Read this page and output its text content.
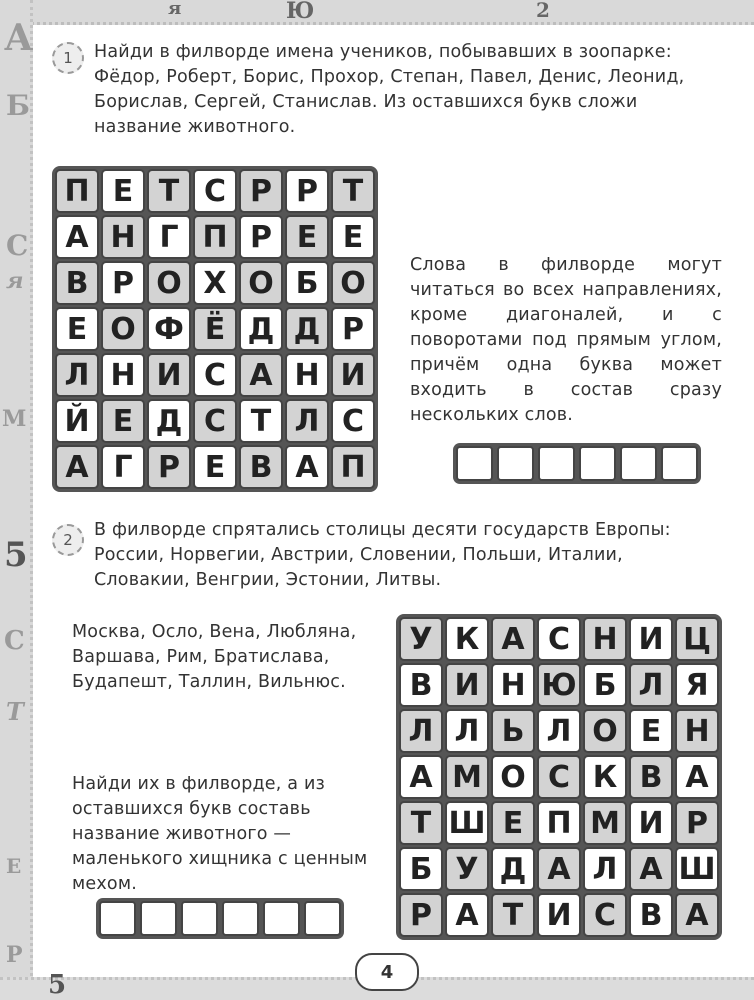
А
Б
С
я
М
5
С
Т
Е
Р
5
Ю	2
я
1	Найди в филворде имена учеников, побывавших в зоопарке: Фёдор, Роберт, Борис, Прохор, Степан, Павел, Денис, Леонид, Борислав, Сергей, Станислав. Из оставшихся букв сложи название животного.
П Е Т С Р Р Т
А Н Г П Р Е Е
В Р О Х О Б О
Е О Ф Ё Д Д Р
Л Н И С А Н И
Й Е Д С Т Л С
А Г Р Е В А П
Слова в филворде могут читаться во всех направлениях, кроме диагоналей, и с поворотами под прямым углом, причём одна буква может входить в состав сразу нескольких слов.
2	В филворде спрятались столицы десяти государств Европы: России, Норвегии, Австрии, Словении, Польши, Италии, Словакии, Венгрии, Эстонии, Литвы.
Москва, Осло, Вена, Любляна, Варшава, Рим, Братислава, Будапешт, Таллин, Вильнюс.
Найди их в филворде, а из оставшихся букв составь название животного — маленького хищника с ценным мехом.
У К А С Н И Ц
В И Н Ю Б Л Я
Л Л Ь Л О Е Н
А М О С К В А
Т Ш Е П М И Р
Б У Д А Л А Ш
Р А Т И С В А
4
